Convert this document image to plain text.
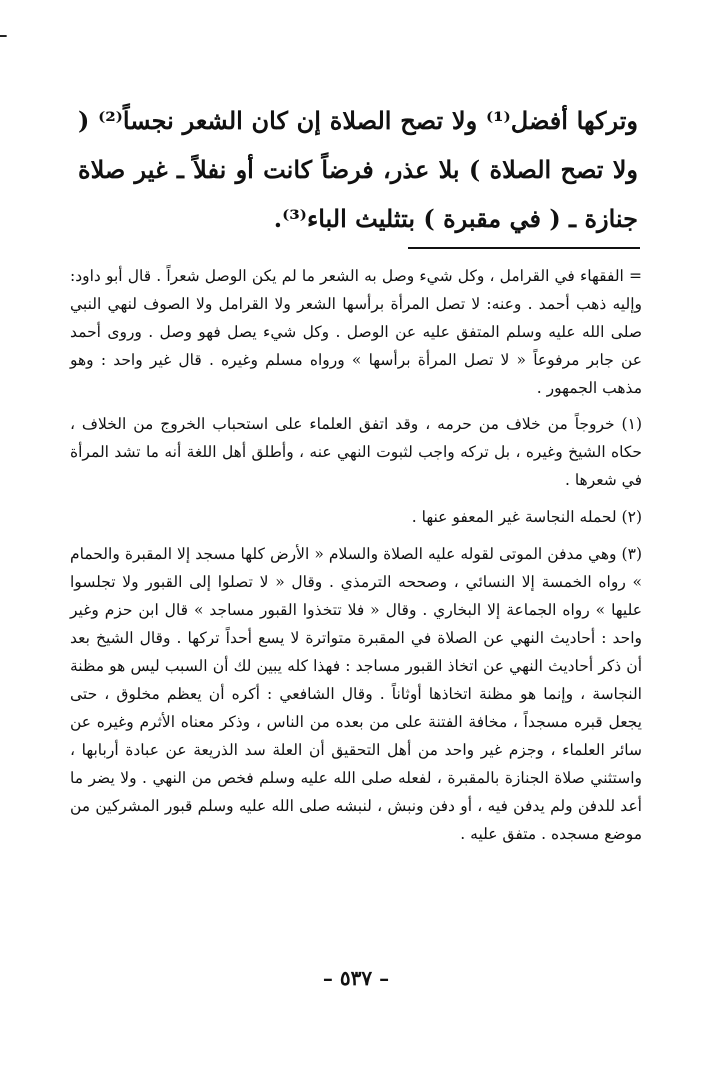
ـ

وتركها أفضل⁽¹⁾ ولا تصح الصلاة إن كان الشعر نجساً⁽²⁾ ( ولا تصح الصلاة ) بلا عذر، فرضاً كانت أو نفلاً ـ غير صلاة جنازة ـ ( في مقبرة ) بتثليث الباء⁽³⁾.

= الفقهاء في القرامل ، وكل شيء وصل به الشعر ما لم يكن الوصل شعراً . قال أبو داود: وإليه ذهب أحمد . وعنه: لا تصل المرأة برأسها الشعر ولا القرامل ولا الصوف لنهي النبي صلى الله عليه وسلم المتفق عليه عن الوصل . وكل شيء يصل فهو وصل . وروى أحمد عن جابر مرفوعاً « لا تصل المرأة برأسها » ورواه مسلم وغيره . قال غير واحد : وهو مذهب الجمهور .

(١) خروجاً من خلاف من حرمه ، وقد اتفق العلماء على استحباب الخروج من الخلاف ، حكاه الشيخ وغيره ، بل تركه واجب لثبوت النهي عنه ، وأطلق أهل اللغة أنه ما تشد المرأة في شعرها .

(٢) لحمله النجاسة غير المعفو عنها .

(٣) وهي مدفن الموتى لقوله عليه الصلاة والسلام « الأرض كلها مسجد إلا المقبرة والحمام » رواه الخمسة إلا النسائي ، وصححه الترمذي . وقال « لا تصلوا إلى القبور ولا تجلسوا عليها » رواه الجماعة إلا البخاري . وقال « فلا تتخذوا القبور مساجد » قال ابن حزم وغير واحد : أحاديث النهي عن الصلاة في المقبرة متواترة لا يسع أحداً تركها . وقال الشيخ بعد أن ذكر أحاديث النهي عن اتخاذ القبور مساجد : فهذا كله يبين لك أن السبب ليس هو مظنة النجاسة ، وإنما هو مظنة اتخاذها أوثاناً . وقال الشافعي : أكره أن يعظم مخلوق ، حتى يجعل قبره مسجداً ، مخافة الفتنة على من بعده من الناس ، وذكر معناه الأثرم وغيره عن سائر العلماء ، وجزم غير واحد من أهل التحقيق أن العلة سد الذريعة عن عبادة أربابها ، واستثني صلاة الجنازة بالمقبرة ، لفعله صلى الله عليه وسلم فخص من النهي . ولا يضر ما أعد للدفن ولم يدفن فيه ، أو دفن ونبش ، لنبشه صلى الله عليه وسلم قبور المشركين من موضع مسجده . متفق عليه .

– ٥٣٧ –
